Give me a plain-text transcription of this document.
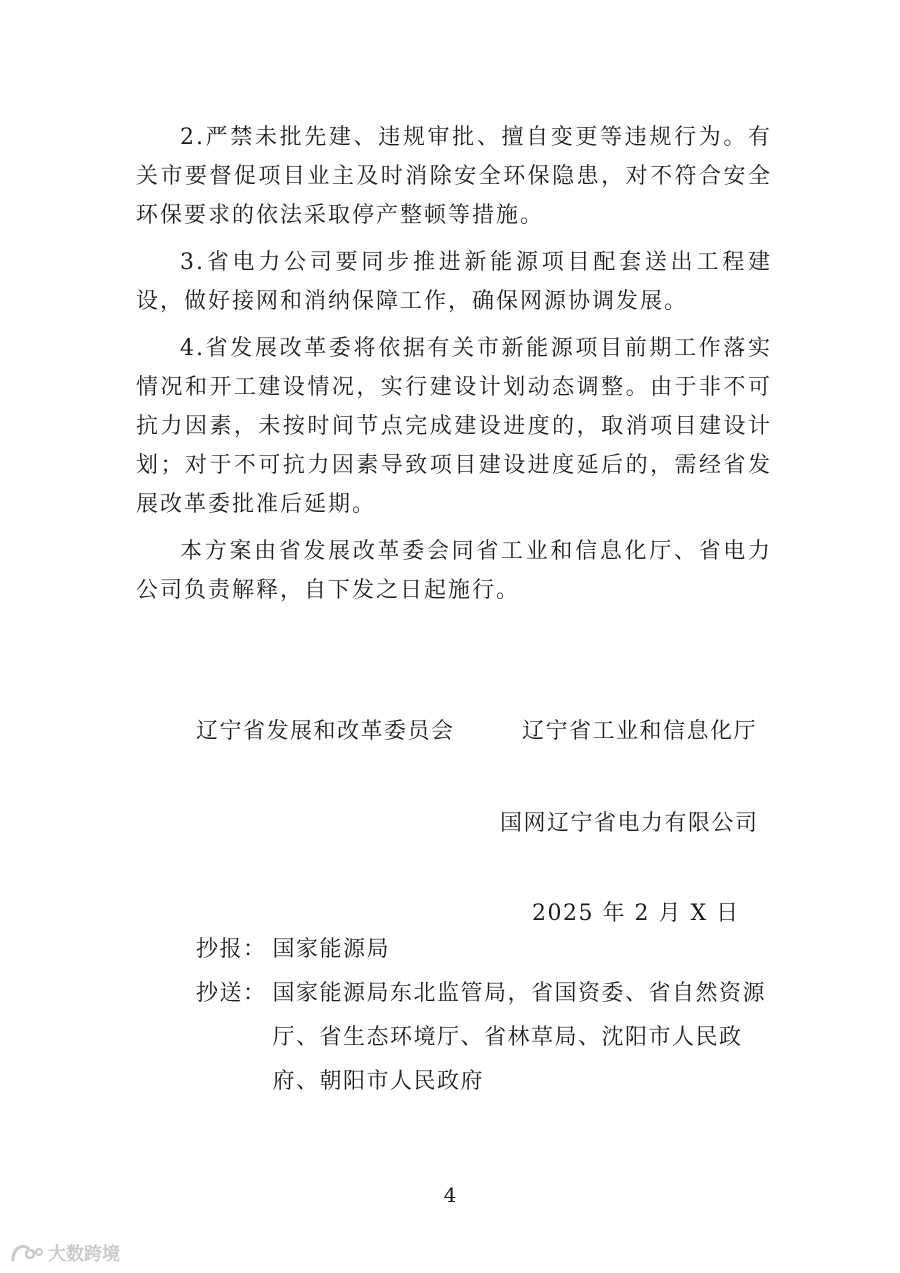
2.严禁未批先建、违规审批、擅自变更等违规行为。有关市要督促项目业主及时消除安全环保隐患，对不符合安全环保要求的依法采取停产整顿等措施。

3.省电力公司要同步推进新能源项目配套送出工程建设，做好接网和消纳保障工作，确保网源协调发展。

4.省发展改革委将依据有关市新能源项目前期工作落实情况和开工建设情况，实行建设计划动态调整。由于非不可抗力因素，未按时间节点完成建设进度的，取消项目建设计划；对于不可抗力因素导致项目建设进度延后的，需经省发展改革委批准后延期。

本方案由省发展改革委会同省工业和信息化厅、省电力公司负责解释，自下发之日起施行。

辽宁省发展和改革委员会	辽宁省工业和信息化厅
国网辽宁省电力有限公司
2025 年 2 月 X 日
抄报： 国家能源局
抄送： 国家能源局东北监管局，省国资委、省自然资源厅、省生态环境厅、省林草局、沈阳市人民政府、朝阳市人民政府
4
大数跨境
